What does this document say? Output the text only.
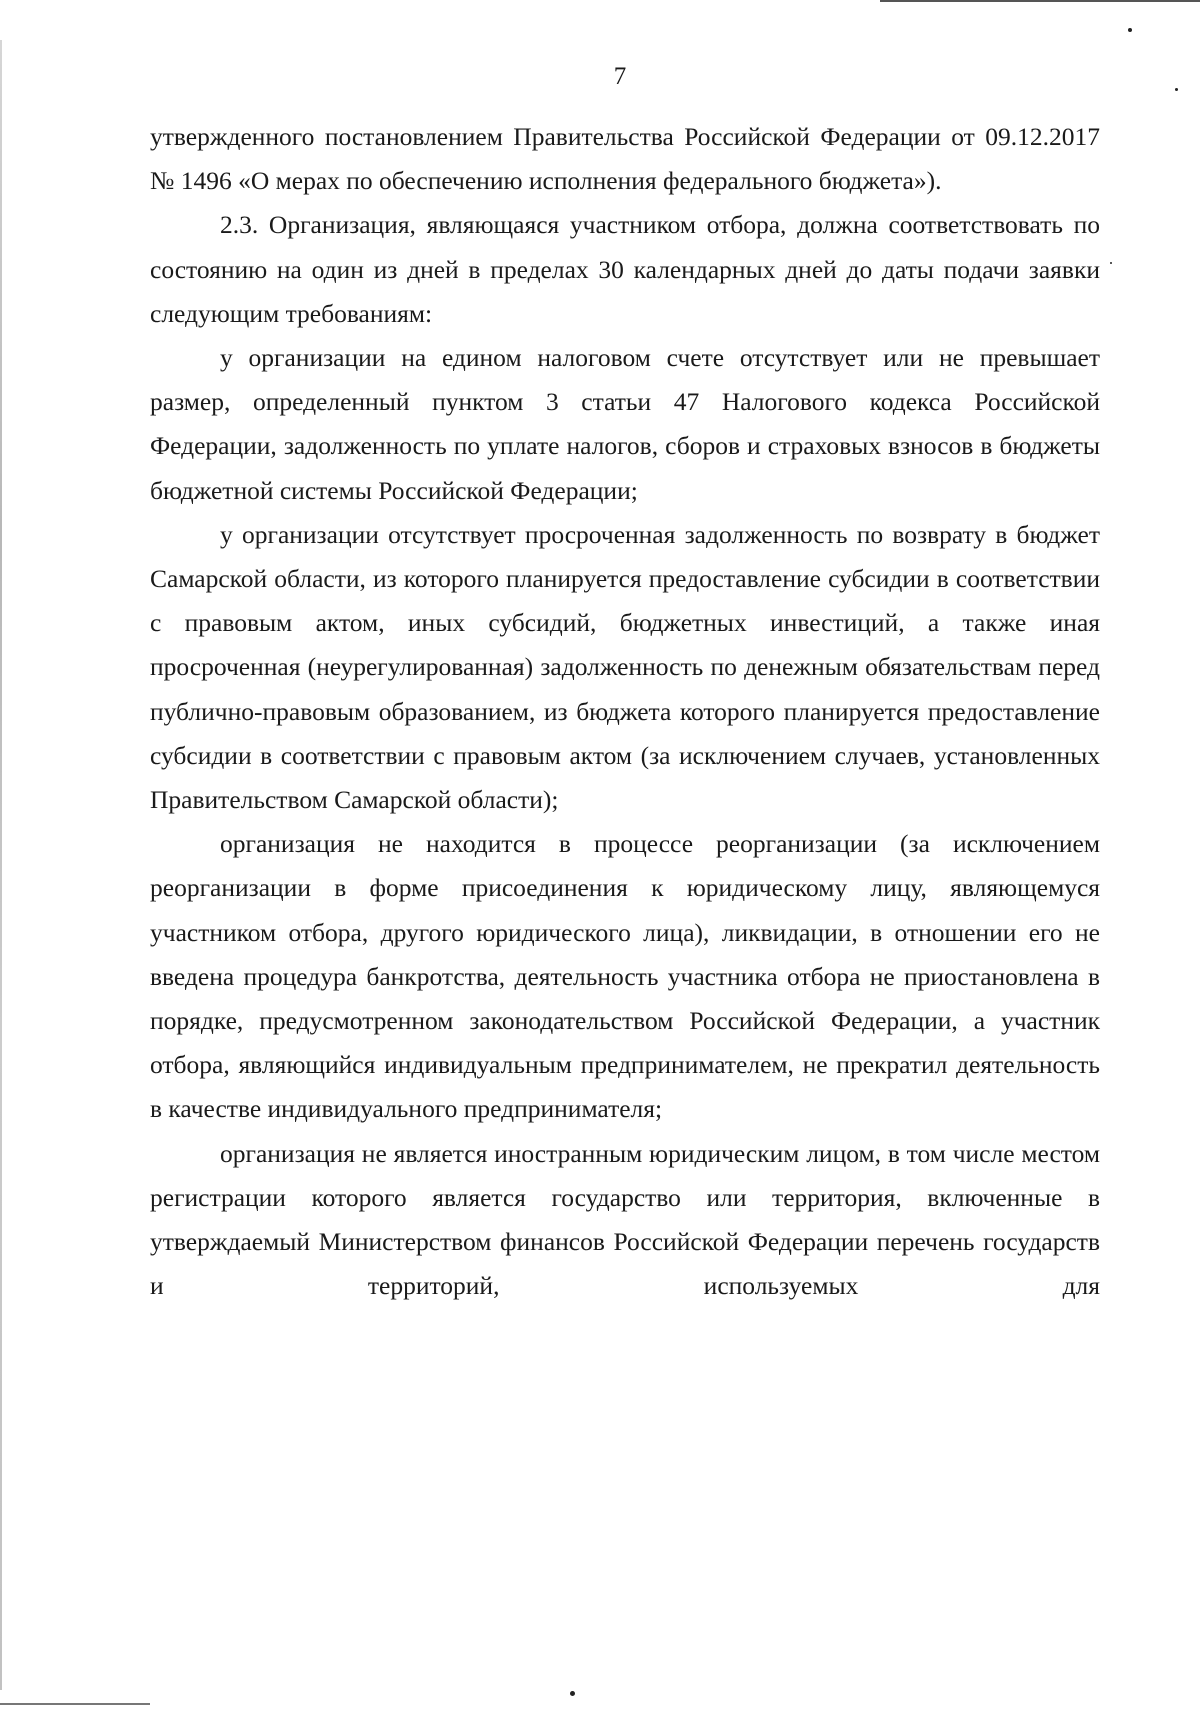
7

утвержденного постановлением Правительства Российской Федерации от 09.12.2017 № 1496 «О мерах по обеспечению исполнения федерального бюджета»).

2.3. Организация, являющаяся участником отбора, должна соответствовать по состоянию на один из дней в пределах 30 календарных дней до даты подачи заявки следующим требованиям:

у организации на едином налоговом счете отсутствует или не превышает размер, определенный пунктом 3 статьи 47 Налогового кодекса Российской Федерации, задолженность по уплате налогов, сборов и страховых взносов в бюджеты бюджетной системы Российской Федерации;

у организации отсутствует просроченная задолженность по возврату в бюджет Самарской области, из которого планируется предоставление субсидии в соответствии с правовым актом, иных субсидий, бюджетных инвестиций, а также иная просроченная (неурегулированная) задолженность по денежным обязательствам перед публично-правовым образованием, из бюджета которого планируется предоставление субсидии в соответствии с правовым актом (за исключением случаев, установленных Правительством Самарской области);

организация не находится в процессе реорганизации (за исключением реорганизации в форме присоединения к юридическому лицу, являющемуся участником отбора, другого юридического лица), ликвидации, в отношении его не введена процедура банкротства, деятельность участника отбора не приостановлена в порядке, предусмотренном законодательством Российской Федерации, а участник отбора, являющийся индивидуальным предпринимателем, не прекратил деятельность в качестве индивидуального предпринимателя;

организация не является иностранным юридическим лицом, в том числе местом регистрации которого является государство или территория, включенные в утверждаемый Министерством финансов Российской Федерации перечень государств и территорий, используемых для
